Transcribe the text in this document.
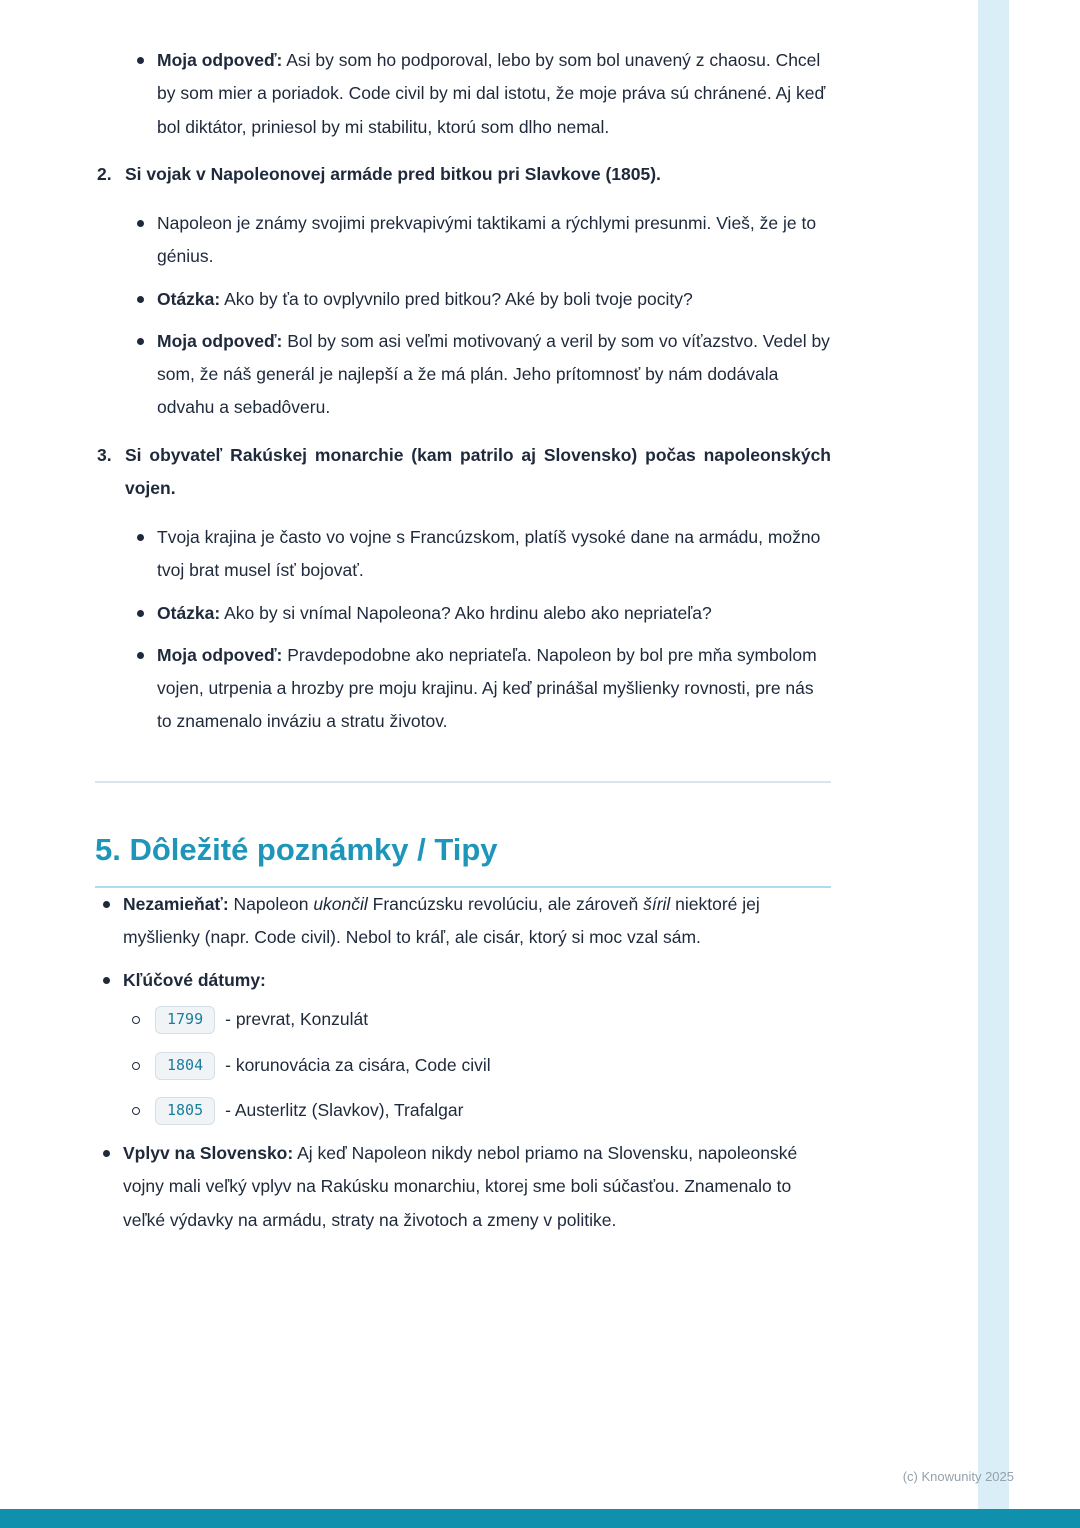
Moja odpoveď: Asi by som ho podporoval, lebo by som bol unavený z chaosu. Chcel by som mier a poriadok. Code civil by mi dal istotu, že moje práva sú chránené. Aj keď bol diktátor, priniesol by mi stabilitu, ktorú som dlho nemal.
2. Si vojak v Napoleonovej armáde pred bitkou pri Slavkove (1805).
Napoleon je známy svojimi prekvapivými taktikami a rýchlymi presunmi. Vieš, že je to génius.
Otázka: Ako by ťa to ovplyvnilo pred bitkou? Aké by boli tvoje pocity?
Moja odpoveď: Bol by som asi veľmi motivovaný a veril by som vo víťazstvo. Vedel by som, že náš generál je najlepší a že má plán. Jeho prítomnosť by nám dodávala odvahu a sebadôveru.
3. Si obyvateľ Rakúskej monarchie (kam patrilo aj Slovensko) počas napoleonských vojen.
Tvoja krajina je často vo vojne s Francúzskom, platíš vysoké dane na armádu, možno tvoj brat musel ísť bojovať.
Otázka: Ako by si vnímal Napoleona? Ako hrdinu alebo ako nepriateľa?
Moja odpoveď: Pravdepodobne ako nepriateľa. Napoleon by bol pre mňa symbolom vojen, utrpenia a hrozby pre moju krajinu. Aj keď prinášal myšlienky rovnosti, pre nás to znamenalo inváziu a stratu životov.
5. Dôležité poznámky / Tipy
Nezamieňať: Napoleon ukončil Francúzsku revolúciu, ale zároveň šíril niektoré jej myšlienky (napr. Code civil). Nebol to kráľ, ale cisár, ktorý si moc vzal sám.
Kľúčové dátumy:
1799 - prevrat, Konzulát
1804 - korunovácia za cisára, Code civil
1805 - Austerlitz (Slavkov), Trafalgar
Vplyv na Slovensko: Aj keď Napoleon nikdy nebol priamo na Slovensku, napoleonské vojny mali veľký vplyv na Rakúsku monarchiu, ktorej sme boli súčasťou. Znamenalo to veľké výdavky na armádu, straty na životoch a zmeny v politike.
(c) Knowunity 2025
